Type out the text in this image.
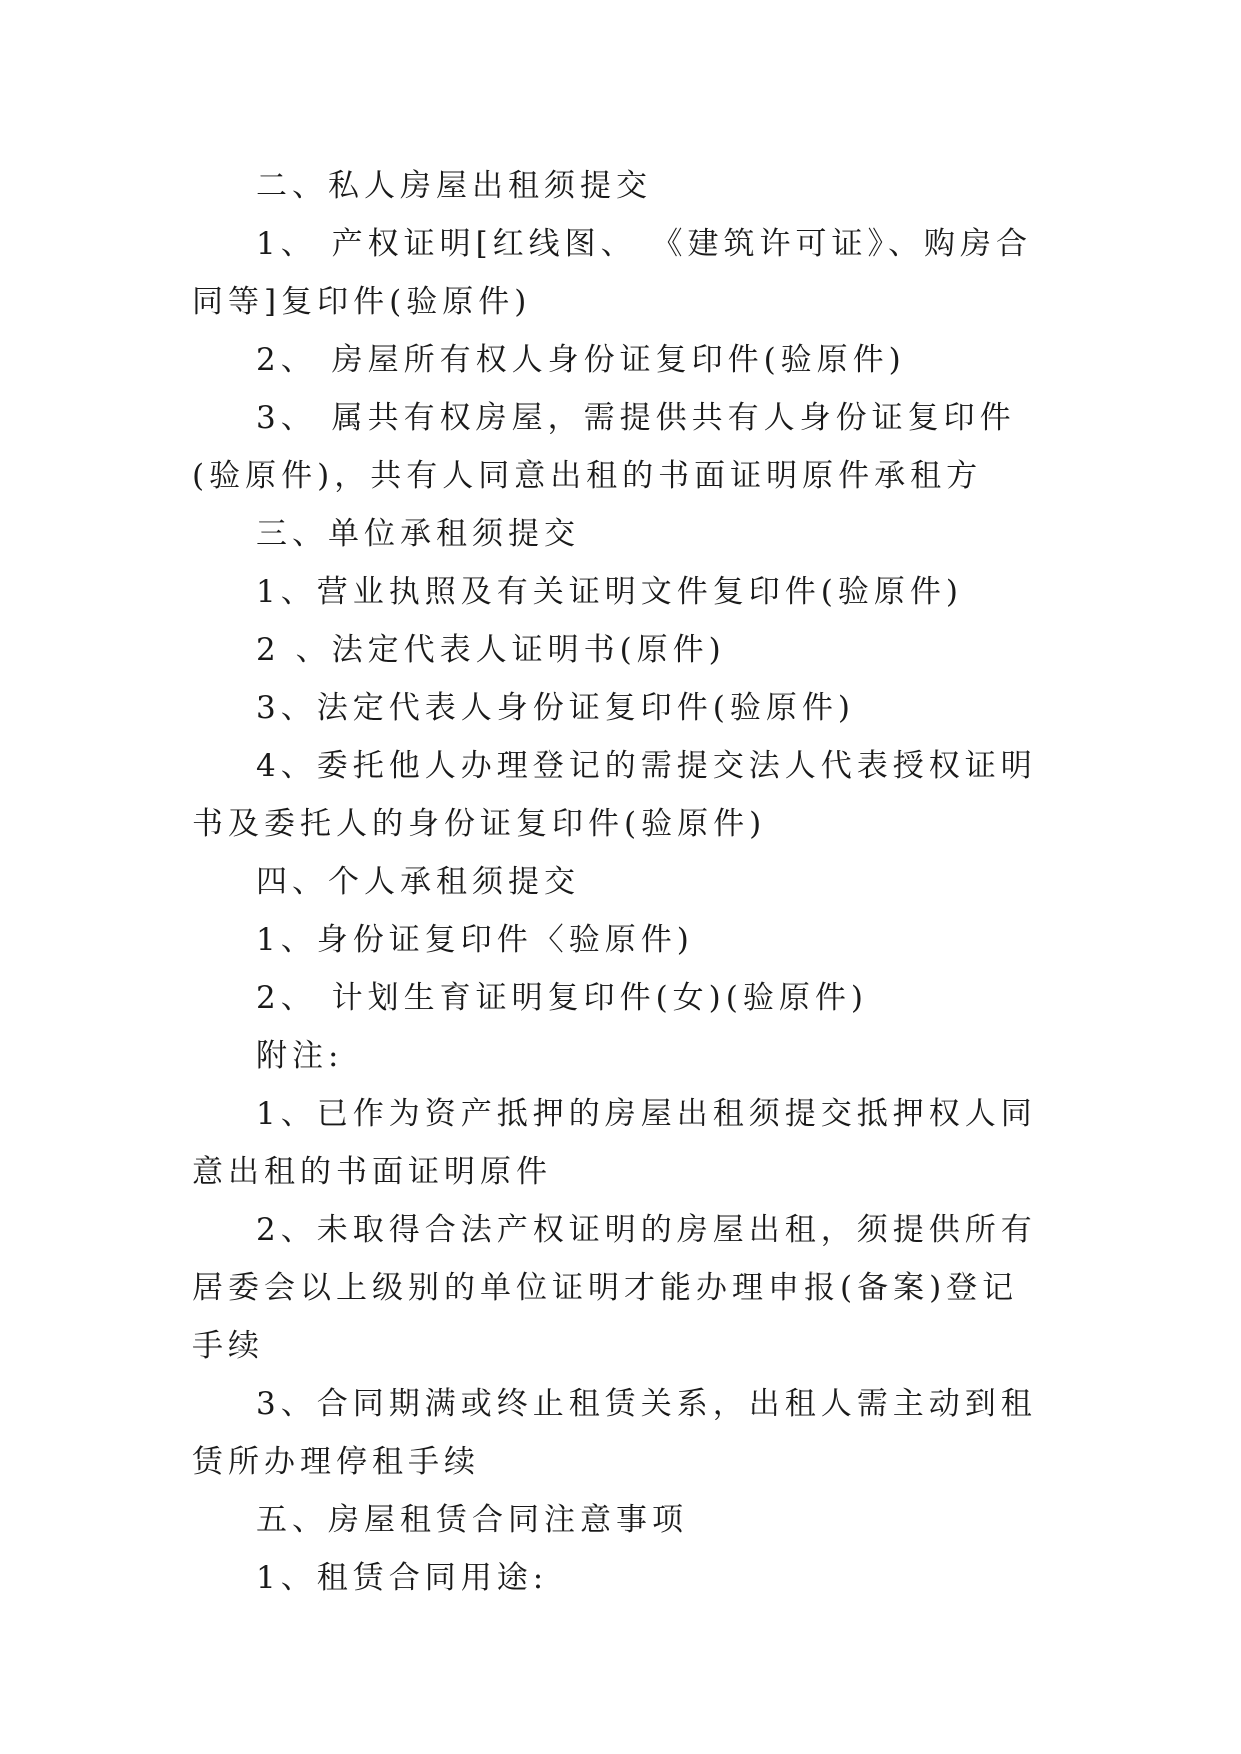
二、私人房屋出租须提交

1、 产权证明[红线图、 《建筑许可证》、购房合同等]复印件(验原件)

2、 房屋所有权人身份证复印件(验原件)

3、 属共有权房屋，需提供共有人身份证复印件(验原件)，共有人同意出租的书面证明原件承租方

三、单位承租须提交

1、营业执照及有关证明文件复印件(验原件)

2 、法定代表人证明书(原件)

3、法定代表人身份证复印件(验原件)

4、委托他人办理登记的需提交法人代表授权证明书及委托人的身份证复印件(验原件)

四、个人承租须提交

1、身份证复印件〈验原件)

2、 计划生育证明复印件(女)(验原件)

附注:

1、已作为资产抵押的房屋出租须提交抵押权人同意出租的书面证明原件

2、未取得合法产权证明的房屋出租，须提供所有居委会以上级别的单位证明才能办理申报(备案)登记手续

3、合同期满或终止租赁关系，出租人需主动到租赁所办理停租手续

五、房屋租赁合同注意事项

1、租赁合同用途:
